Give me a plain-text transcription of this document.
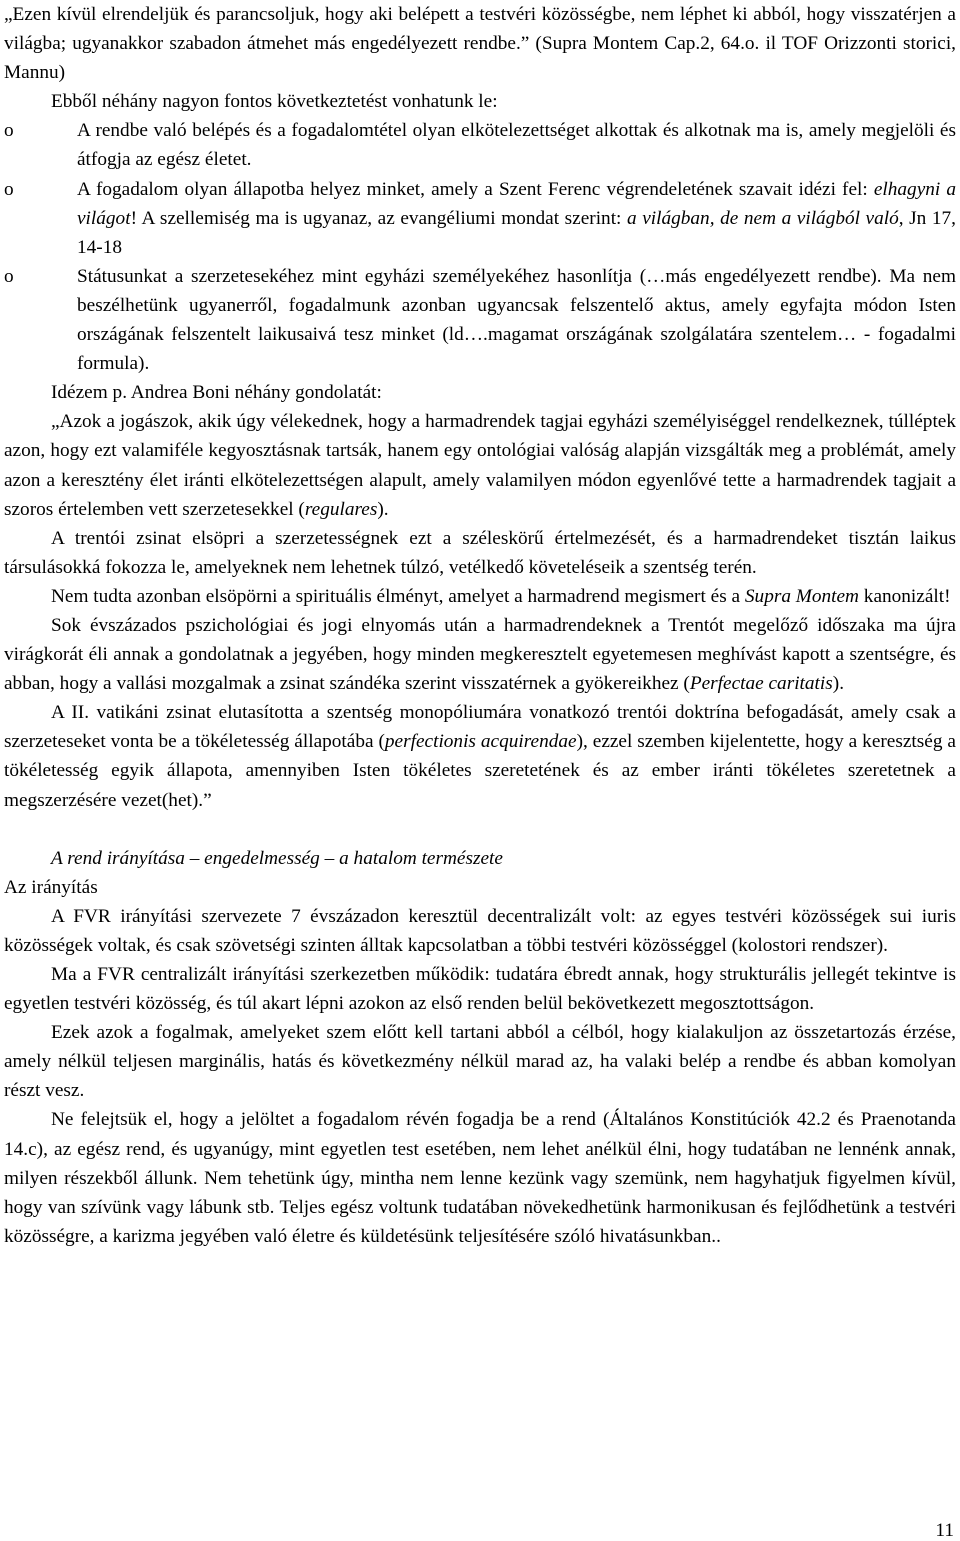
„Ezen kívül elrendeljük és parancsoljuk, hogy aki belépett a testvéri közösségbe, nem léphet ki abból, hogy visszatérjen a világba; ugyanakkor szabadon átmehet más engedélyezett rendbe.” (Supra Montem Cap.2, 64.o. il TOF Orizzonti storici, Mannu)

Ebből néhány nagyon fontos következtetést vonhatunk le:

o	A rendbe való belépés és a fogadalomtétel olyan elkötelezettséget alkottak és alkotnak ma is, amely megjelöli és átfogja az egész életet.
o	A fogadalom olyan állapotba helyez minket, amely a Szent Ferenc végrendeletének szavait idézi fel: elhagyni a világot! A szellemiség ma is ugyanaz, az evangéliumi mondat szerint: a világban, de nem a világból való, Jn 17, 14-18
o	Státusunkat a szerzetesekéhez mint egyházi személyekéhez hasonlítja (…más engedélyezett rendbe). Ma nem beszélhetünk ugyanerről, fogadalmunk azonban ugyancsak felszentelő aktus, amely egyfajta módon Isten országának felszentelt laikusaivá tesz minket (ld….magamat országának szolgálatára szentelem… - fogadalmi formula).

Idézem p. Andrea Boni néhány gondolatát:

„Azok a jogászok, akik úgy vélekednek, hogy a harmadrendek tagjai egyházi személyiséggel rendelkeznek, túlléptek azon, hogy ezt valamiféle kegyosztásnak tartsák, hanem egy ontológiai valóság alapján vizsgálták meg a problémát, amely azon a keresztény élet iránti elkötelezettségen alapult, amely valamilyen módon egyenlővé tette a harmadrendek tagjait a szoros értelemben vett szerzetesekkel (regulares).

A trentói zsinat elsöpri a szerzetességnek ezt a széleskörű értelmezését, és a harmadrendeket tisztán laikus társulásokká fokozza le, amelyeknek nem lehetnek túlzó, vetélkedő követeléseik a szentség terén.

Nem tudta azonban elsöpörni a spirituális élményt, amelyet a harmadrend megismert és a Supra Montem kanonizált!

Sok évszázados pszichológiai és jogi elnyomás után a harmadrendeknek a Trentót megelőző időszaka ma újra virágkorát éli annak a gondolatnak a jegyében, hogy minden megkeresztelt egyetemesen meghívást kapott a szentségre, és abban, hogy a vallási mozgalmak a zsinat szándéka szerint visszatérnek a gyökereikhez (Perfectae caritatis).

A II. vatikáni zsinat elutasította a szentség monopóliumára vonatkozó trentói doktrína befogadását, amely csak a szerzeteseket vonta be a tökéletesség állapotába (perfectionis acquirendae), ezzel szemben kijelentette, hogy a keresztség a tökéletesség egyik állapota, amennyiben Isten tökéletes szeretetének és az ember iránti tökéletes szeretetnek a megszerzésére vezet(het).”

A rend irányítása – engedelmesség – a hatalom természete

Az irányítás

A FVR irányítási szervezete 7 évszázadon keresztül decentralizált volt: az egyes testvéri közösségek sui iuris közösségek voltak, és csak szövetségi szinten álltak kapcsolatban a többi testvéri közösséggel (kolostori rendszer).

Ma a FVR centralizált irányítási szerkezetben működik: tudatára ébredt annak, hogy strukturális jellegét tekintve is egyetlen testvéri közösség, és túl akart lépni azokon az első renden belül bekövetkezett megosztottságon.

Ezek azok a fogalmak, amelyeket szem előtt kell tartani abból a célból, hogy kialakuljon az összetartozás érzése, amely nélkül teljesen marginális, hatás és következmény nélkül marad az, ha valaki belép a rendbe és abban komolyan részt vesz.

Ne felejtsük el, hogy a jelöltet a fogadalom révén fogadja be a rend (Általános Konstitúciók 42.2 és Praenotanda 14.c), az egész rend, és ugyanúgy, mint egyetlen test esetében, nem lehet anélkül élni, hogy tudatában ne lennénk annak, milyen részekből állunk. Nem tehetünk úgy, mintha nem lenne kezünk vagy szemünk, nem hagyhatjuk figyelmen kívül, hogy van szívünk vagy lábunk stb. Teljes egész voltunk tudatában növekedhetünk harmonikusan és fejlődhetünk a testvéri közösségre, a karizma jegyében való életre és küldetésünk teljesítésére szóló hivatásunkban..

11
